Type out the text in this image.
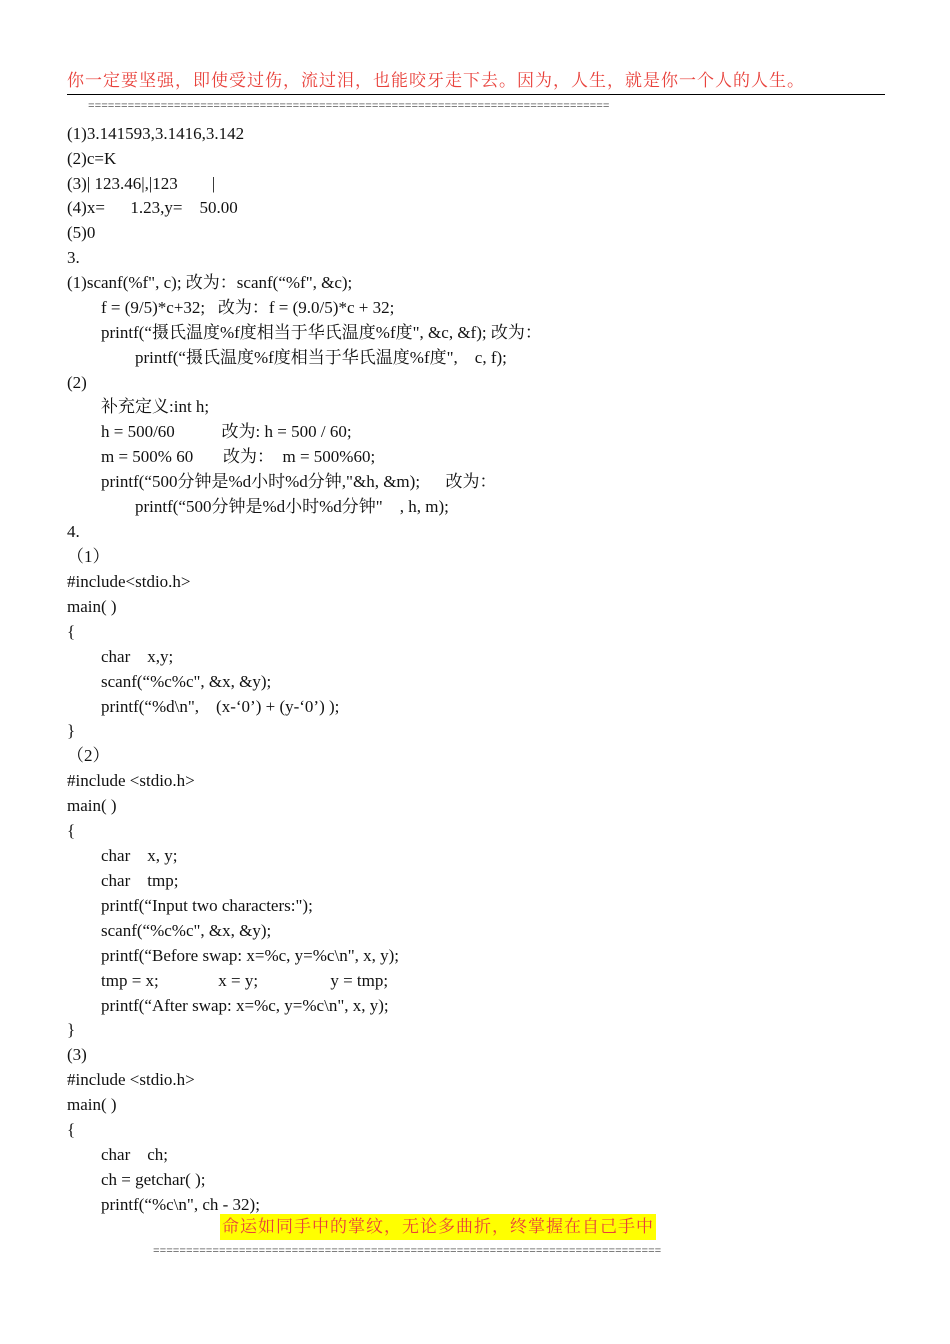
你一定要坚强，即使受过伤，流过泪，也能咬牙走下去。因为，人生，就是你一个人的人生。
===============================================================================
(1)3.141593,3.1416,3.142
(2)c=K
(3)| 123.46|,|123        |
(4)x=      1.23,y=    50.00
(5)0
3.
(1)scanf(%f", c); 改为：scanf(“%f", &c);
f = (9/5)*c+32;   改为：f = (9.0/5)*c + 32;
printf(“摄氏温度%f度相当于华氏温度%f度", &c, &f); 改为：
printf(“摄氏温度%f度相当于华氏温度%f度",    c, f);
(2)
补充定义:int h;
h = 500/60           改为: h = 500 / 60;
m = 500% 60       改为：  m = 500%60;
printf(“500分钟是%d小时%d分钟,"&h, &m);      改为：
printf(“500分钟是%d小时%d分钟"    , h, m);
4.
（1）
#include<stdio.h>
main( )
{
char    x,y;
scanf(“%c%c", &x, &y);
printf(“%d\n",    (x-‘0’) + (y-‘0’) );
}
（2）
#include <stdio.h>
main( )
{
char    x, y;
char    tmp;
printf(“Input two characters:");
scanf(“%c%c", &x, &y);
printf(“Before swap: x=%c, y=%c\n", x, y);
tmp = x;              x = y;                 y = tmp;
printf(“After swap: x=%c, y=%c\n", x, y);
}
(3)
#include <stdio.h>
main( )
{
char    ch;
ch = getchar( );
printf(“%c\n", ch - 32);
命运如同手中的掌纹，无论多曲折，终掌握在自己手中
=============================================================================
